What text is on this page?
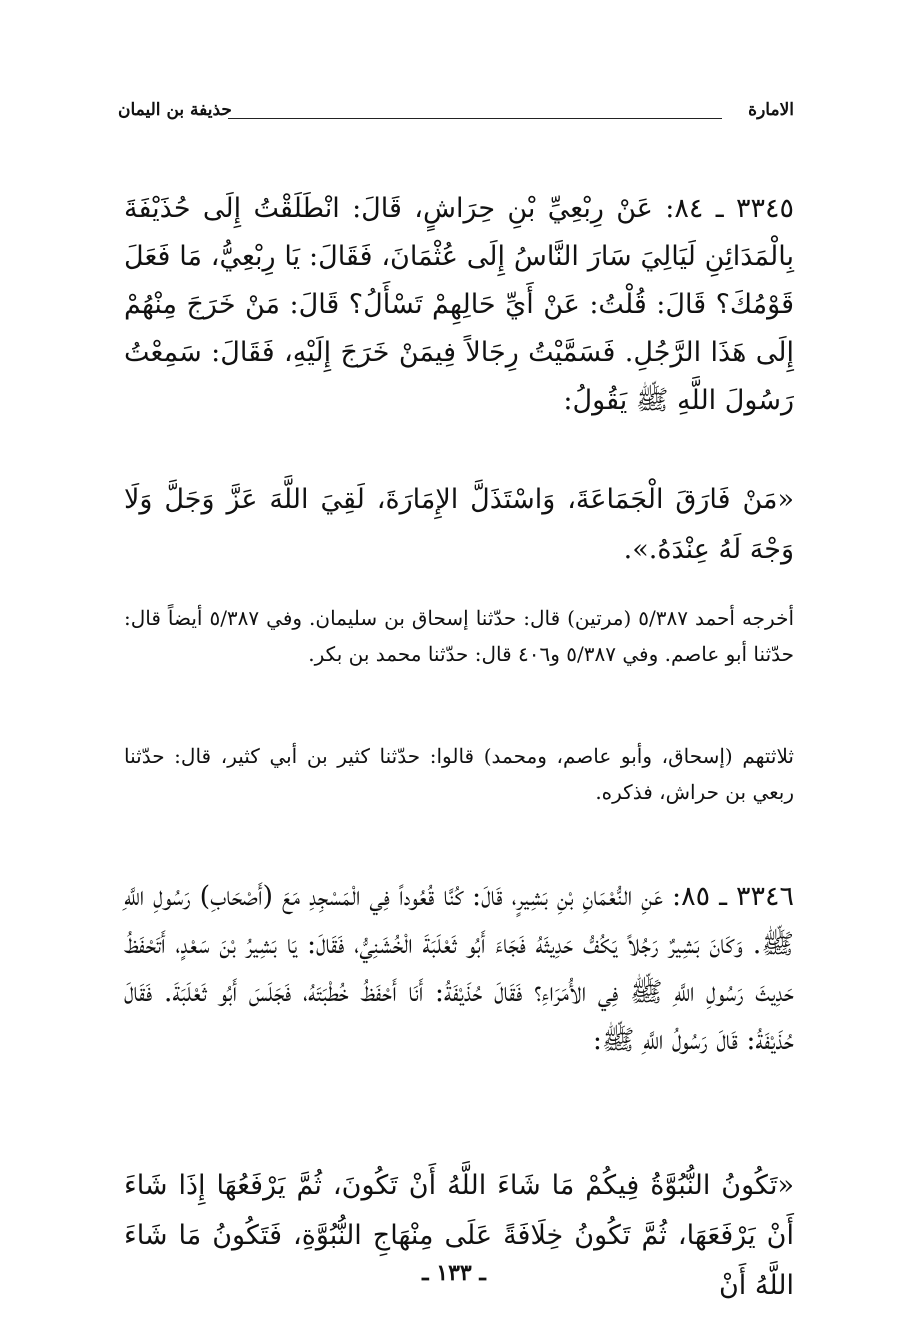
الامارة
حذيفة بن اليمان

٣٣٤٥ ـ ٨٤: عَنْ رِبْعِيِّ بْنِ حِرَاشٍ، قَالَ: انْطَلَقْتُ إِلَى حُذَيْفَةَ بِالْمَدَائِنِ لَيَالِيَ سَارَ النَّاسُ إِلَى عُثْمَانَ، فَقَالَ: يَا رِبْعِيُّ، مَا فَعَلَ قَوْمُكَ؟ قَالَ: قُلْتُ: عَنْ أَيِّ حَالِهِمْ تَسْأَلُ؟ قَالَ: مَنْ خَرَجَ مِنْهُمْ إِلَى هَذَا الرَّجُلِ. فَسَمَّيْتُ رِجَالاً فِيمَنْ خَرَجَ إِلَيْهِ، فَقَالَ: سَمِعْتُ رَسُولَ اللَّهِ ﷺ يَقُولُ:

«مَنْ فَارَقَ الْجَمَاعَةَ، وَاسْتَذَلَّ الإِمَارَةَ، لَقِيَ اللَّهَ عَزَّ وَجَلَّ وَلَا وَجْهَ لَهُ عِنْدَهُ.».

أخرجه أحمد ٥/٣٨٧ (مرتين) قال: حدّثنا إسحاق بن سليمان. وفي ٥/٣٨٧ أيضاً قال: حدّثنا أبو عاصم. وفي ٥/٣٨٧ و٤٠٦ قال: حدّثنا محمد بن بكر.

ثلاثتهم (إسحاق، وأبو عاصم، ومحمد) قالوا: حدّثنا كثير بن أبي كثير، قال: حدّثنا ربعي بن حراش، فذكره.

٣٣٤٦ ـ ٨٥: عَنِ النُّعْمَانِ بْنِ بَشِيرٍ، قَالَ: كُنَّا قُعُوداً فِي الْمَسْجِدِ مَعَ (أَصْحَابِ) رَسُولِ اللَّهِ ﷺ. وَكَانَ بَشِيرٌ رَجُلاً يَكُفُّ حَدِيثَهُ فَجَاءَ أَبُو ثَعْلَبَةَ الْخُشَنِيُّ، فَقَالَ: يَا بَشِيرُ بْنَ سَعْدٍ، أَتَحْفَظُ حَدِيثَ رَسُولِ اللَّهِ ﷺ فِي الأُمَرَاءِ؟ فَقَالَ حُذَيْفَةُ: أَنَا أَحْفَظُ خُطْبَتَهُ، فَجَلَسَ أَبُو ثَعْلَبَةَ. فَقَالَ حُذَيْفَةُ: قَالَ رَسُولُ اللَّهِ ﷺ:

«تَكُونُ النُّبُوَّةُ فِيكُمْ مَا شَاءَ اللَّهُ أَنْ تَكُونَ، ثُمَّ يَرْفَعُهَا إِذَا شَاءَ أَنْ يَرْفَعَهَا، ثُمَّ تَكُونُ خِلَافَةً عَلَى مِنْهَاجِ النُّبُوَّةِ، فَتَكُونُ مَا شَاءَ اللَّهُ أَنْ

ـ ١٣٣ ـ
